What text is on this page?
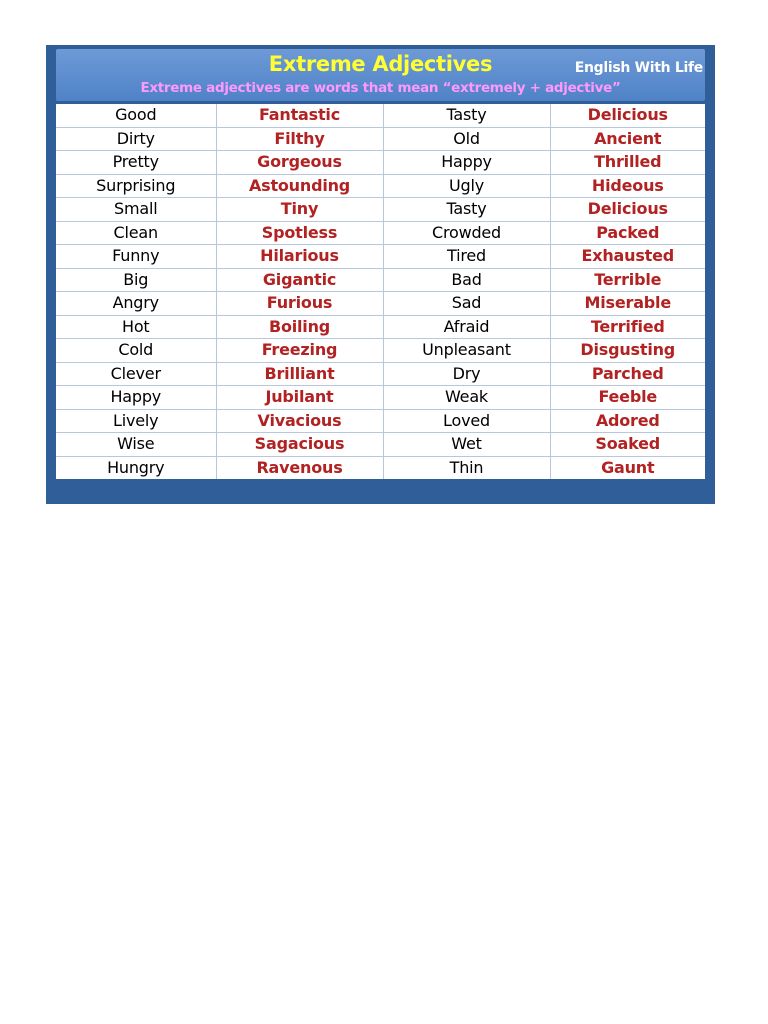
Extreme Adjectives	English With Life
Extreme adjectives are words that mean “extremely + adjective”
Good	Fantastic	Tasty	Delicious
Dirty	Filthy	Old	Ancient
Pretty	Gorgeous	Happy	Thrilled
Surprising	Astounding	Ugly	Hideous
Small	Tiny	Tasty	Delicious
Clean	Spotless	Crowded	Packed
Funny	Hilarious	Tired	Exhausted
Big	Gigantic	Bad	Terrible
Angry	Furious	Sad	Miserable
Hot	Boiling	Afraid	Terrified
Cold	Freezing	Unpleasant	Disgusting
Clever	Brilliant	Dry	Parched
Happy	Jubilant	Weak	Feeble
Lively	Vivacious	Loved	Adored
Wise	Sagacious	Wet	Soaked
Hungry	Ravenous	Thin	Gaunt
